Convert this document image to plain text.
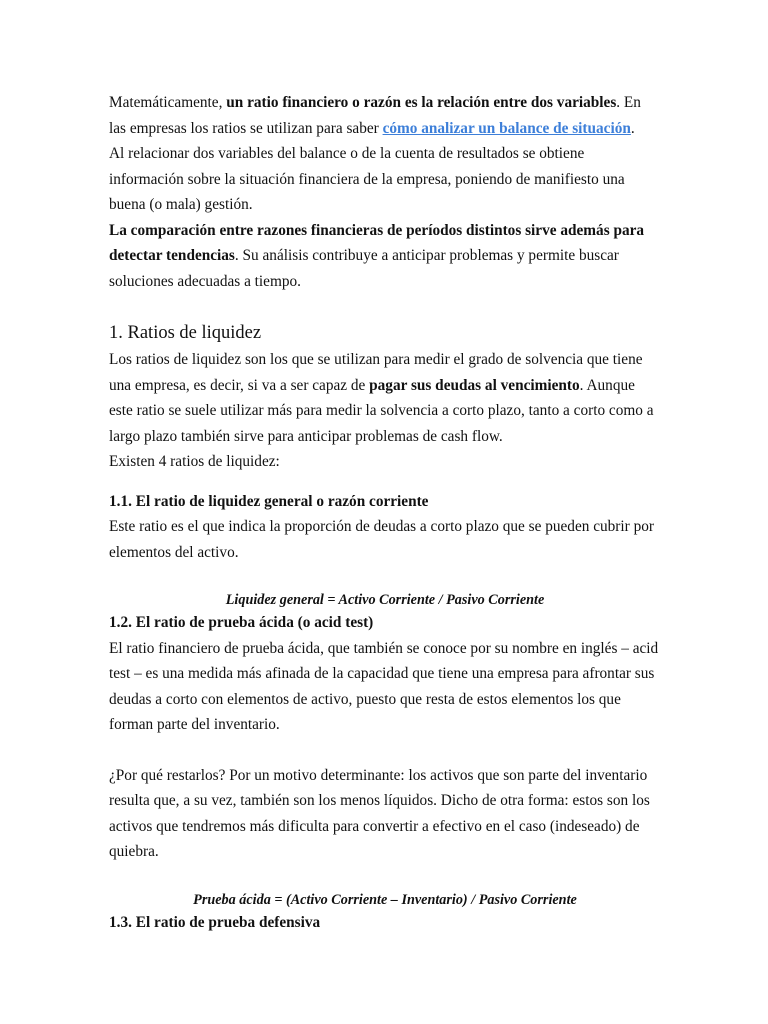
Matemáticamente, un ratio financiero o razón es la relación entre dos variables. En las empresas los ratios se utilizan para saber cómo analizar un balance de situación.

Al relacionar dos variables del balance o de la cuenta de resultados se obtiene información sobre la situación financiera de la empresa, poniendo de manifiesto una buena (o mala) gestión.

La comparación entre razones financieras de períodos distintos sirve además para detectar tendencias. Su análisis contribuye a anticipar problemas y permite buscar soluciones adecuadas a tiempo.

1. Ratios de liquidez

Los ratios de liquidez son los que se utilizan para medir el grado de solvencia que tiene una empresa, es decir, si va a ser capaz de pagar sus deudas al vencimiento. Aunque este ratio se suele utilizar más para medir la solvencia a corto plazo, tanto a corto como a largo plazo también sirve para anticipar problemas de cash flow.

Existen 4 ratios de liquidez:

1.1. El ratio de liquidez general o razón corriente

Este ratio es el que indica la proporción de deudas a corto plazo que se pueden cubrir por elementos del activo.

Liquidez general = Activo Corriente / Pasivo Corriente

1.2. El ratio de prueba ácida (o acid test)

El ratio financiero de prueba ácida, que también se conoce por su nombre en inglés – acid test – es una medida más afinada de la capacidad que tiene una empresa para afrontar sus deudas a corto con elementos de activo, puesto que resta de estos elementos los que forman parte del inventario.

¿Por qué restarlos? Por un motivo determinante: los activos que son parte del inventario resulta que, a su vez, también son los menos líquidos. Dicho de otra forma: estos son los activos que tendremos más dificulta para convertir a efectivo en el caso (indeseado) de quiebra.

Prueba ácida = (Activo Corriente – Inventario) / Pasivo Corriente

1.3. El ratio de prueba defensiva
